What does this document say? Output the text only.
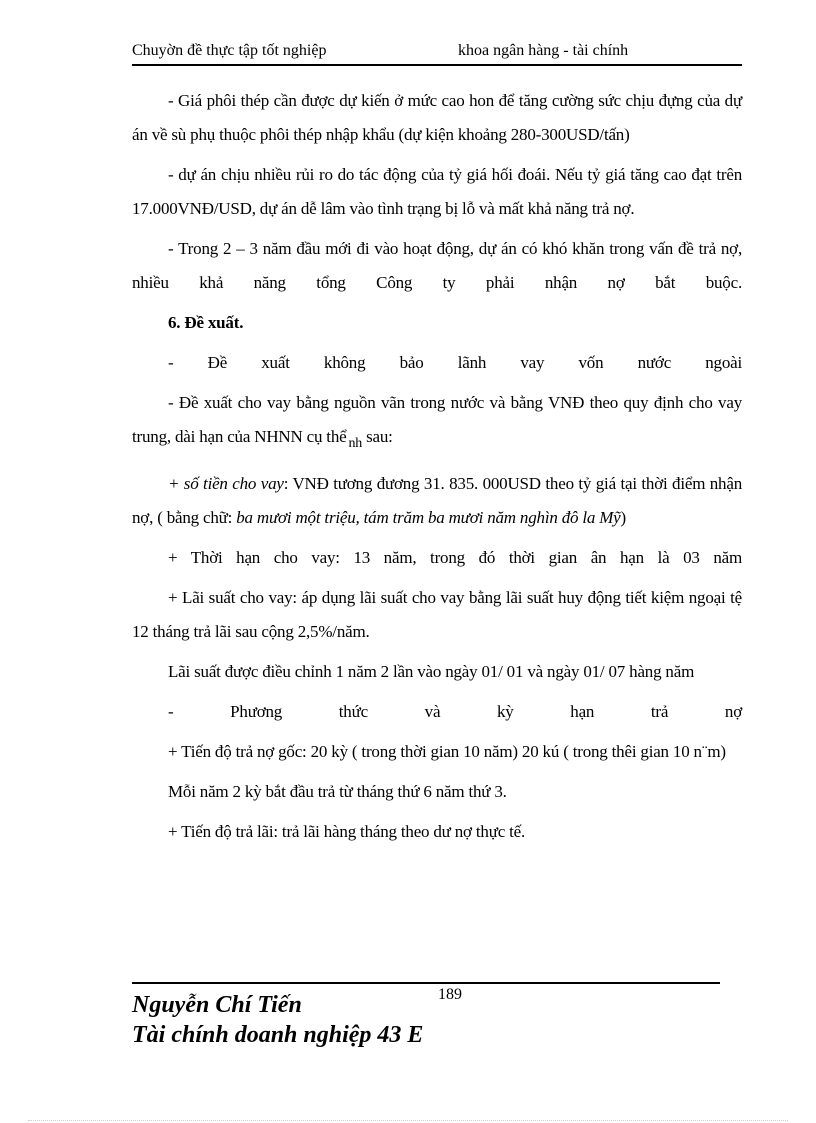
Chuyờn đề thực tập tốt nghiệp	khoa ngân hàng - tài chính

- Giá phôi thép cần được dự kiến ở mức cao hon để tăng cường sức chịu đựng của dự án về sù phụ thuộc phôi thép nhập khẩu (dự kiện khoảng 280-300USD/tấn)

- dự án chịu nhiều rủi ro do tác động của tỷ giá hối đoái. Nếu tỷ giá tăng cao đạt trên 17.000VNĐ/USD, dự án dễ lâm vào tình trạng bị lỗ và mất khả năng trả nợ.

- Trong 2 – 3 năm đầu mới đi vào hoạt động, dự án có khó khăn trong vấn đề trả nợ, nhiều khả năng tổng Công ty phải nhận nợ bắt buộc.

6. Đề xuất.

- Đề xuất không bảo lãnh vay vốn nước ngoài

- Đề xuất cho vay bằng nguồn vãn trong nước và bằng VNĐ theo quy định cho vay trung, dài hạn của NHNN cụ thể $_{nh}$ sau:

+ số tiền cho vay: VNĐ tương đương 31. 835. 000USD theo tỷ giá tại thời điểm nhận nợ, ( bằng chữ: ba mươi một triệu, tám trăm ba mươi năm nghìn đô la Mỹ)

+ Thời hạn cho vay: 13 năm, trong đó thời gian ân hạn là 03 năm

+ Lãi suất cho vay: áp dụng lãi suất cho vay bằng lãi suất huy động tiết kiệm ngoại tệ 12 tháng trả lãi sau cộng 2,5%/năm.

Lãi suất được điều chỉnh 1 năm 2 lần vào ngày 01/ 01 và ngày 01/ 07 hàng năm

- Phương thức và kỳ hạn trả nợ

+ Tiến độ trả nợ gốc: 20 kỳ ( trong thời gian 10 năm) 20 kú ( trong thêi gian 10 n¨m)

Mỗi năm 2 kỳ bắt đầu trả từ tháng thứ 6 năm thứ 3.

+ Tiến độ trả lãi: trả lãi hàng tháng theo dư nợ thực tế.

189
Nguyễn Chí Tiến
Tài chính doanh nghiệp 43 E
